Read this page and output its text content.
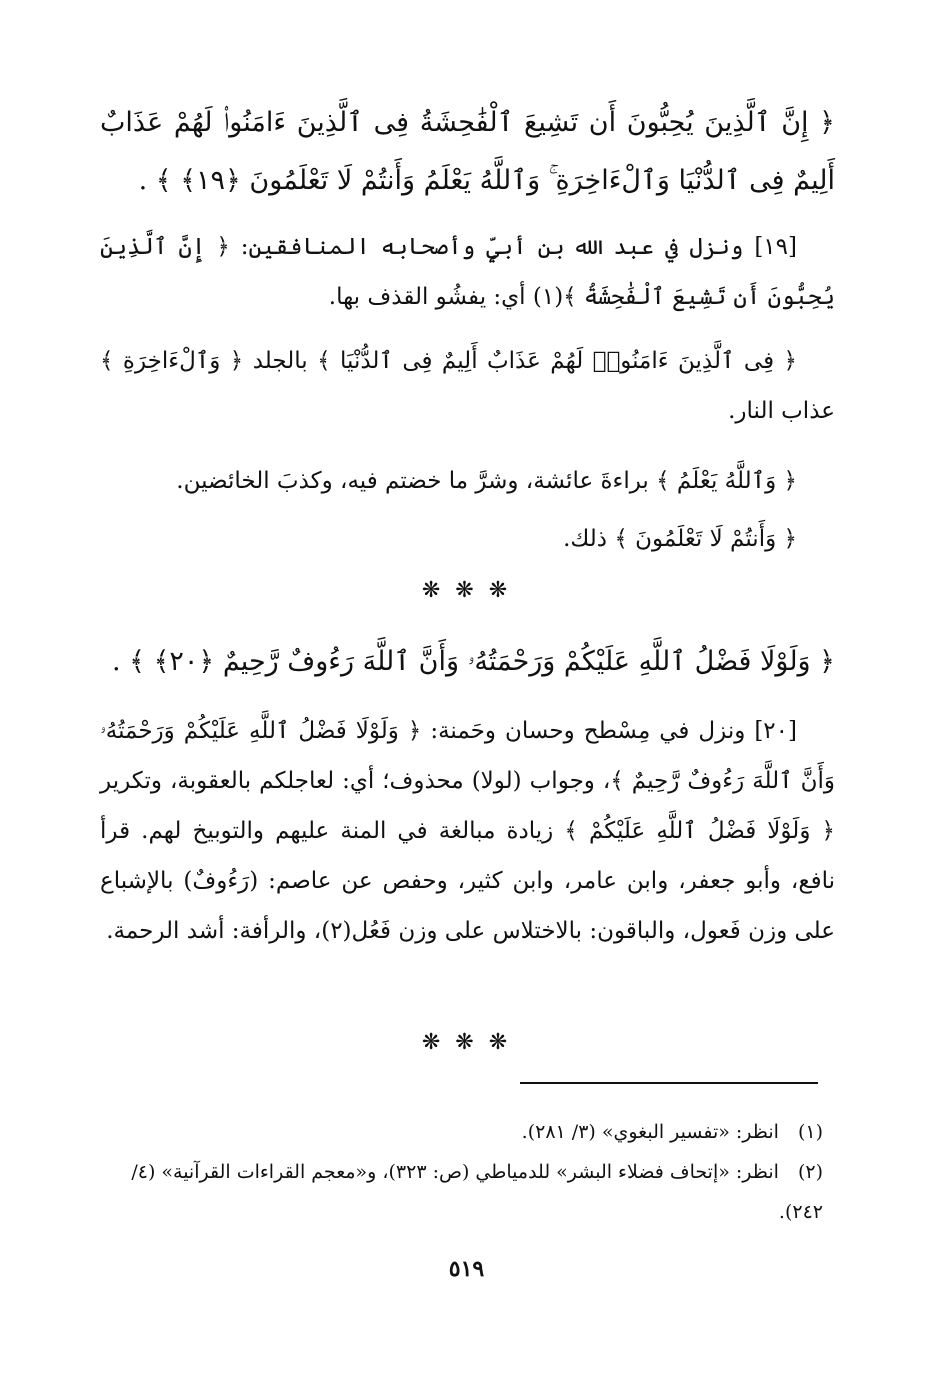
﴿ إِنَّ ٱلَّذِينَ يُحِبُّونَ أَن تَشِيعَ ٱلْفَٰحِشَةُ فِى ٱلَّذِينَ ءَامَنُوا۟ لَهُمْ عَذَابٌ أَلِيمٌ فِى ٱلدُّنْيَا وَٱلْءَاخِرَةِ ۚ وَٱللَّهُ يَعْلَمُ وَأَنتُمْ لَا تَعْلَمُونَ ﴿١٩﴾ ﴾ .
[١٩] ونزل في عبد الله بن أبيٍّ وأصحابه المنافقين: ﴿ إِنَّ ٱلَّذِينَ يُحِبُّونَ أَن تَشِيعَ ٱلْفَٰحِشَةُ ﴾(١) أي: يفشُو القذف بها.
﴿ فِى ٱلَّذِينَ ءَامَنُوا۟ لَهُمْ عَذَابٌ أَلِيمٌ فِى ٱلدُّنْيَا ﴾ بالجلد ﴿ وَٱلْءَاخِرَةِ ﴾ عذاب النار.
﴿ وَٱللَّهُ يَعْلَمُ ﴾ براءةَ عائشة، وشرَّ ما خضتم فيه، وكذبَ الخائضين.
﴿ وَأَنتُمْ لَا تَعْلَمُونَ ﴾ ذلك.
❋ ❋ ❋
﴿ وَلَوْلَا فَضْلُ ٱللَّهِ عَلَيْكُمْ وَرَحْمَتُهُۥ وَأَنَّ ٱللَّهَ رَءُوفٌ رَّحِيمٌ ﴿٢٠﴾ ﴾ .
[٢٠] ونزل في مِسْطح وحسان وحَمنة: ﴿ وَلَوْلَا فَضْلُ ٱللَّهِ عَلَيْكُمْ وَرَحْمَتُهُۥ وَأَنَّ ٱللَّهَ رَءُوفٌ رَّحِيمٌ ﴾، وجواب (لولا) محذوف؛ أي: لعاجلكم بالعقوبة، وتكرير ﴿ وَلَوْلَا فَضْلُ ٱللَّهِ عَلَيْكُمْ ﴾ زيادة مبالغة في المنة عليهم والتوبيخ لهم. قرأ نافع، وأبو جعفر، وابن عامر، وابن كثير، وحفص عن عاصم: (رَءُوفٌ) بالإشباع على وزن فَعول، والباقون: بالاختلاس على وزن فَعُل(٢)، والرأفة: أشد الرحمة.
❋ ❋ ❋

(١) انظر: «تفسير البغوي» (٣/ ٢٨١).

(٢) انظر: «إتحاف فضلاء البشر» للدمياطي (ص: ٣٢٣)، و«معجم القراءات القرآنية» (٤/ ٢٤٢).

٥١٩
